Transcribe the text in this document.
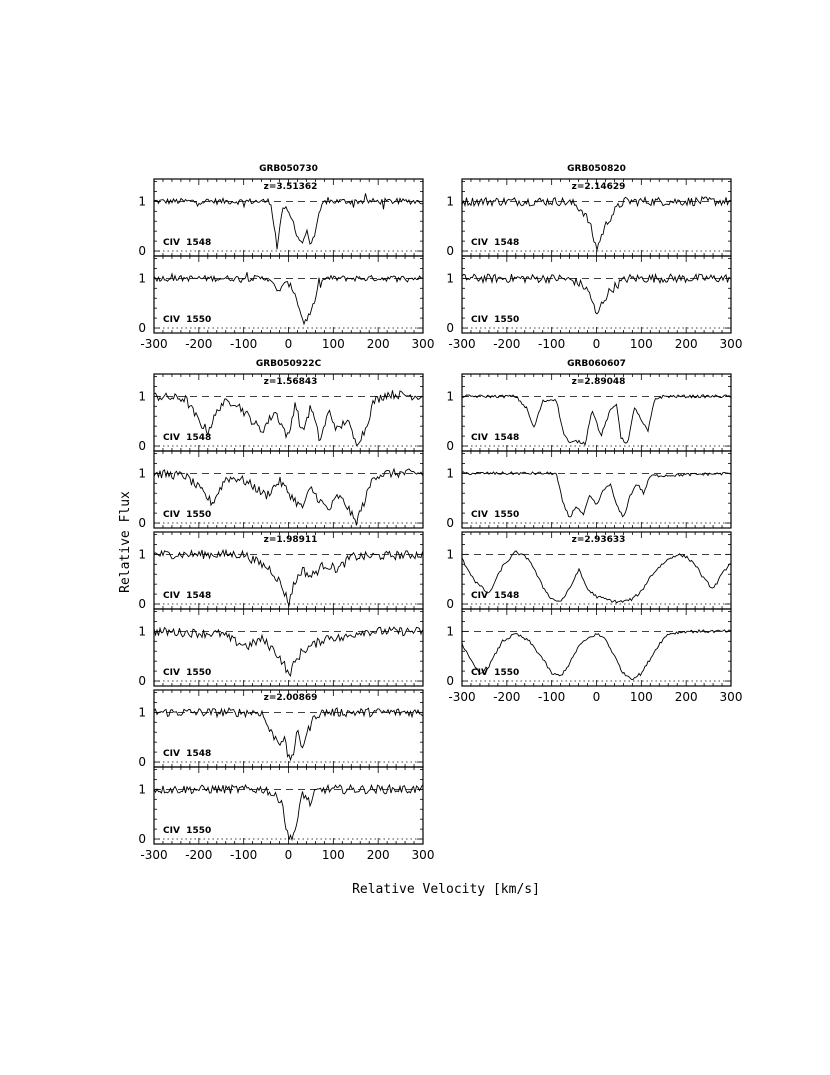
GRB050730
0
1
CIV  1548
z=3.51362
0
1
CIV  1550
-300 -200 -100 0 100 200 300
GRB050820
0
1
CIV  1548
z=2.14629
0
1
CIV  1550
-300 -200 -100 0 100 200 300
GRB050922C
0
1
CIV  1548
z=1.56843
0
1
CIV  1550
0
1
CIV  1548
z=1.98911
0
1
CIV  1550
0
1
CIV  1548
z=2.00869
0
1
CIV  1550
-300 -200 -100 0 100 200 300
GRB060607
0
1
CIV  1548
z=2.89048
0
1
CIV  1550
0
1
CIV  1548
z=2.93633
0
1
CIV  1550
-300 -200 -100 0 100 200 300
Relative Velocity [km/s]
Relative Flux
